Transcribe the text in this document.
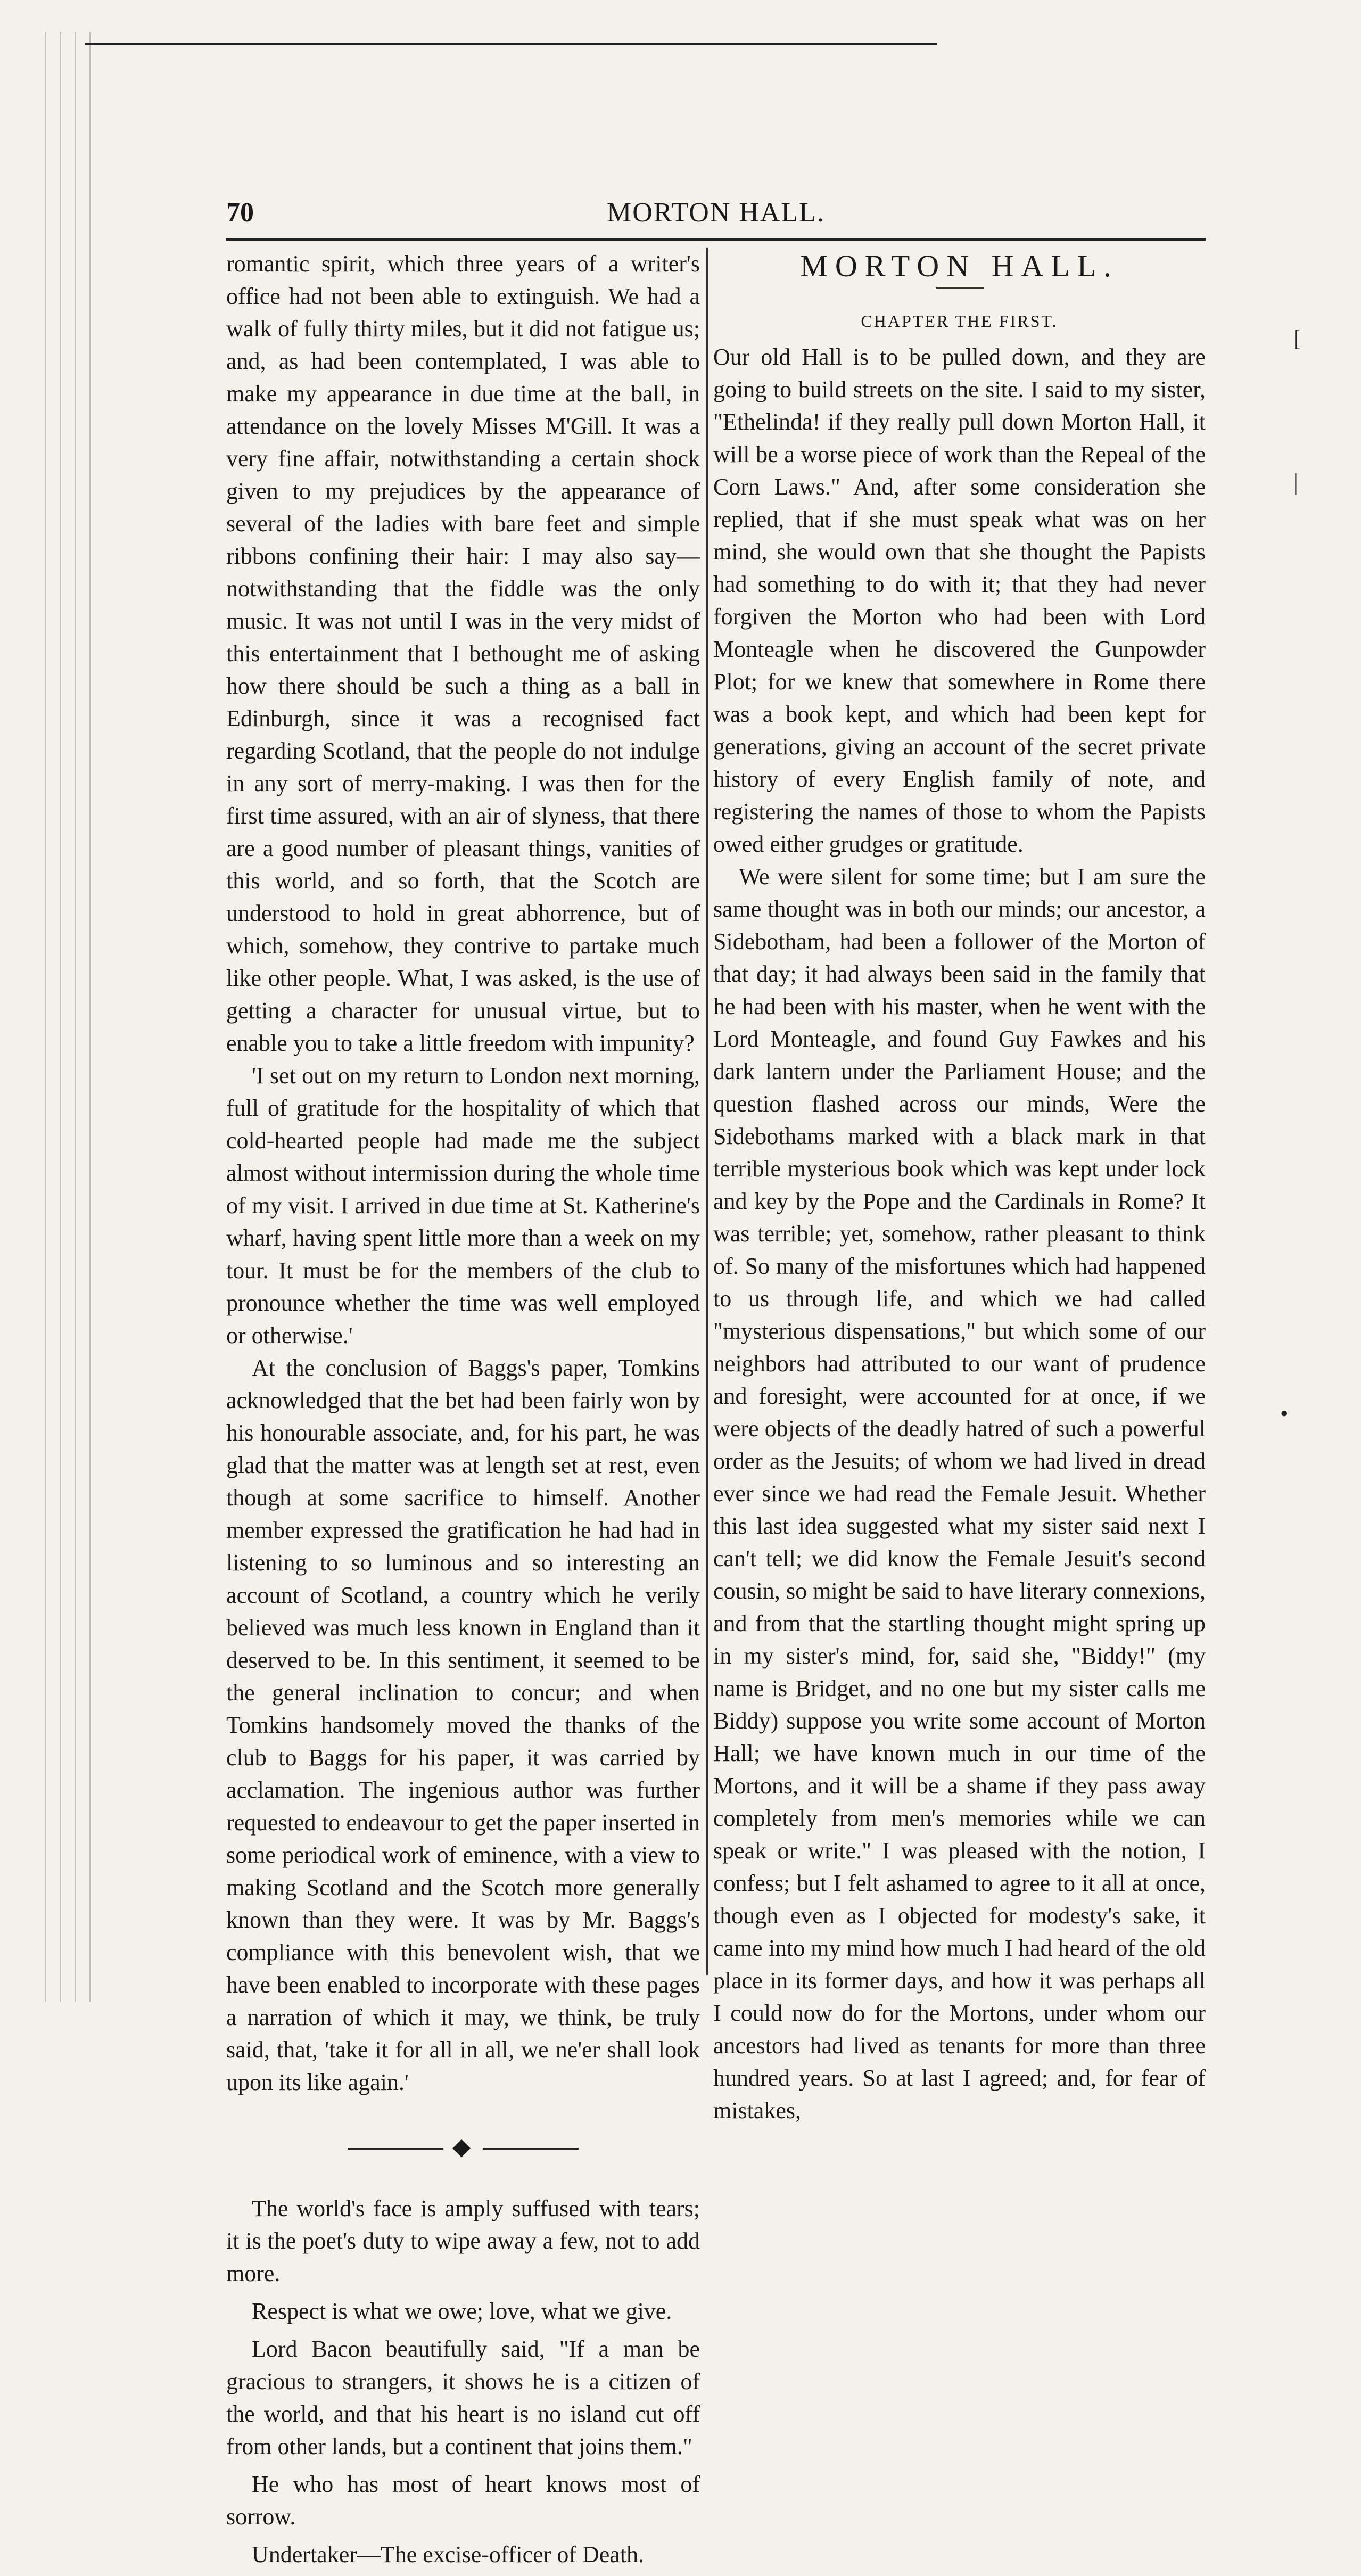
70	MORTON HALL.

romantic spirit, which three years of a writer's office had not been able to extinguish. We had a walk of fully thirty miles, but it did not fatigue us; and, as had been contemplated, I was able to make my appearance in due time at the ball, in attendance on the lovely Misses M'Gill. It was a very fine affair, notwithstanding a certain shock given to my prejudices by the appearance of several of the ladies with bare feet and simple ribbons confining their hair: I may also say—notwithstanding that the fiddle was the only music. It was not until I was in the very midst of this entertainment that I bethought me of asking how there should be such a thing as a ball in Edinburgh, since it was a recognised fact regarding Scotland, that the people do not indulge in any sort of merry-making. I was then for the first time assured, with an air of slyness, that there are a good number of pleasant things, vanities of this world, and so forth, that the Scotch are understood to hold in great abhorrence, but of which, somehow, they contrive to partake much like other people. What, I was asked, is the use of getting a character for unusual virtue, but to enable you to take a little freedom with impunity?

'I set out on my return to London next morning, full of gratitude for the hospitality of which that cold-hearted people had made me the subject almost without intermission during the whole time of my visit. I arrived in due time at St. Katherine's wharf, having spent little more than a week on my tour. It must be for the members of the club to pronounce whether the time was well employed or otherwise.'

At the conclusion of Baggs's paper, Tomkins acknowledged that the bet had been fairly won by his honourable associate, and, for his part, he was glad that the matter was at length set at rest, even though at some sacrifice to himself. Another member expressed the gratification he had had in listening to so luminous and so interesting an account of Scotland, a country which he verily believed was much less known in England than it deserved to be. In this sentiment, it seemed to be the general inclination to concur; and when Tomkins handsomely moved the thanks of the club to Baggs for his paper, it was carried by acclamation. The ingenious author was further requested to endeavour to get the paper inserted in some periodical work of eminence, with a view to making Scotland and the Scotch more generally known than they were. It was by Mr. Baggs's compliance with this benevolent wish, that we have been enabled to incorporate with these pages a narration of which it may, we think, be truly said, that, 'take it for all in all, we ne'er shall look upon its like again.'

◆

The world's face is amply suffused with tears; it is the poet's duty to wipe away a few, not to add more.

Respect is what we owe; love, what we give.

Lord Bacon beautifully said, "If a man be gracious to strangers, it shows he is a citizen of the world, and that his heart is no island cut off from other lands, but a continent that joins them."

He who has most of heart knows most of sorrow.

Undertaker—The excise-officer of Death.

MORTON HALL.
CHAPTER THE FIRST.

Our old Hall is to be pulled down, and they are going to build streets on the site. I said to my sister, "Ethelinda! if they really pull down Morton Hall, it will be a worse piece of work than the Repeal of the Corn Laws." And, after some consideration she replied, that if she must speak what was on her mind, she would own that she thought the Papists had something to do with it; that they had never forgiven the Morton who had been with Lord Monteagle when he discovered the Gunpowder Plot; for we knew that somewhere in Rome there was a book kept, and which had been kept for generations, giving an account of the secret private history of every English family of note, and registering the names of those to whom the Papists owed either grudges or gratitude.

We were silent for some time; but I am sure the same thought was in both our minds; our ancestor, a Sidebotham, had been a follower of the Morton of that day; it had always been said in the family that he had been with his master, when he went with the Lord Monteagle, and found Guy Fawkes and his dark lantern under the Parliament House; and the question flashed across our minds, Were the Sidebothams marked with a black mark in that terrible mysterious book which was kept under lock and key by the Pope and the Cardinals in Rome? It was terrible; yet, somehow, rather pleasant to think of. So many of the misfortunes which had happened to us through life, and which we had called "mysterious dispensations," but which some of our neighbors had attributed to our want of prudence and foresight, were accounted for at once, if we were objects of the deadly hatred of such a powerful order as the Jesuits; of whom we had lived in dread ever since we had read the Female Jesuit. Whether this last idea suggested what my sister said next I can't tell; we did know the Female Jesuit's second cousin, so might be said to have literary connexions, and from that the startling thought might spring up in my sister's mind, for, said she, "Biddy!" (my name is Bridget, and no one but my sister calls me Biddy) suppose you write some account of Morton Hall; we have known much in our time of the Mortons, and it will be a shame if they pass away completely from men's memories while we can speak or write." I was pleased with the notion, I confess; but I felt ashamed to agree to it all at once, though even as I objected for modesty's sake, it came into my mind how much I had heard of the old place in its former days, and how it was perhaps all I could now do for the Mortons, under whom our ancestors had lived as tenants for more than three hundred years. So at last I agreed; and, for fear of mistakes,

[
|
•
